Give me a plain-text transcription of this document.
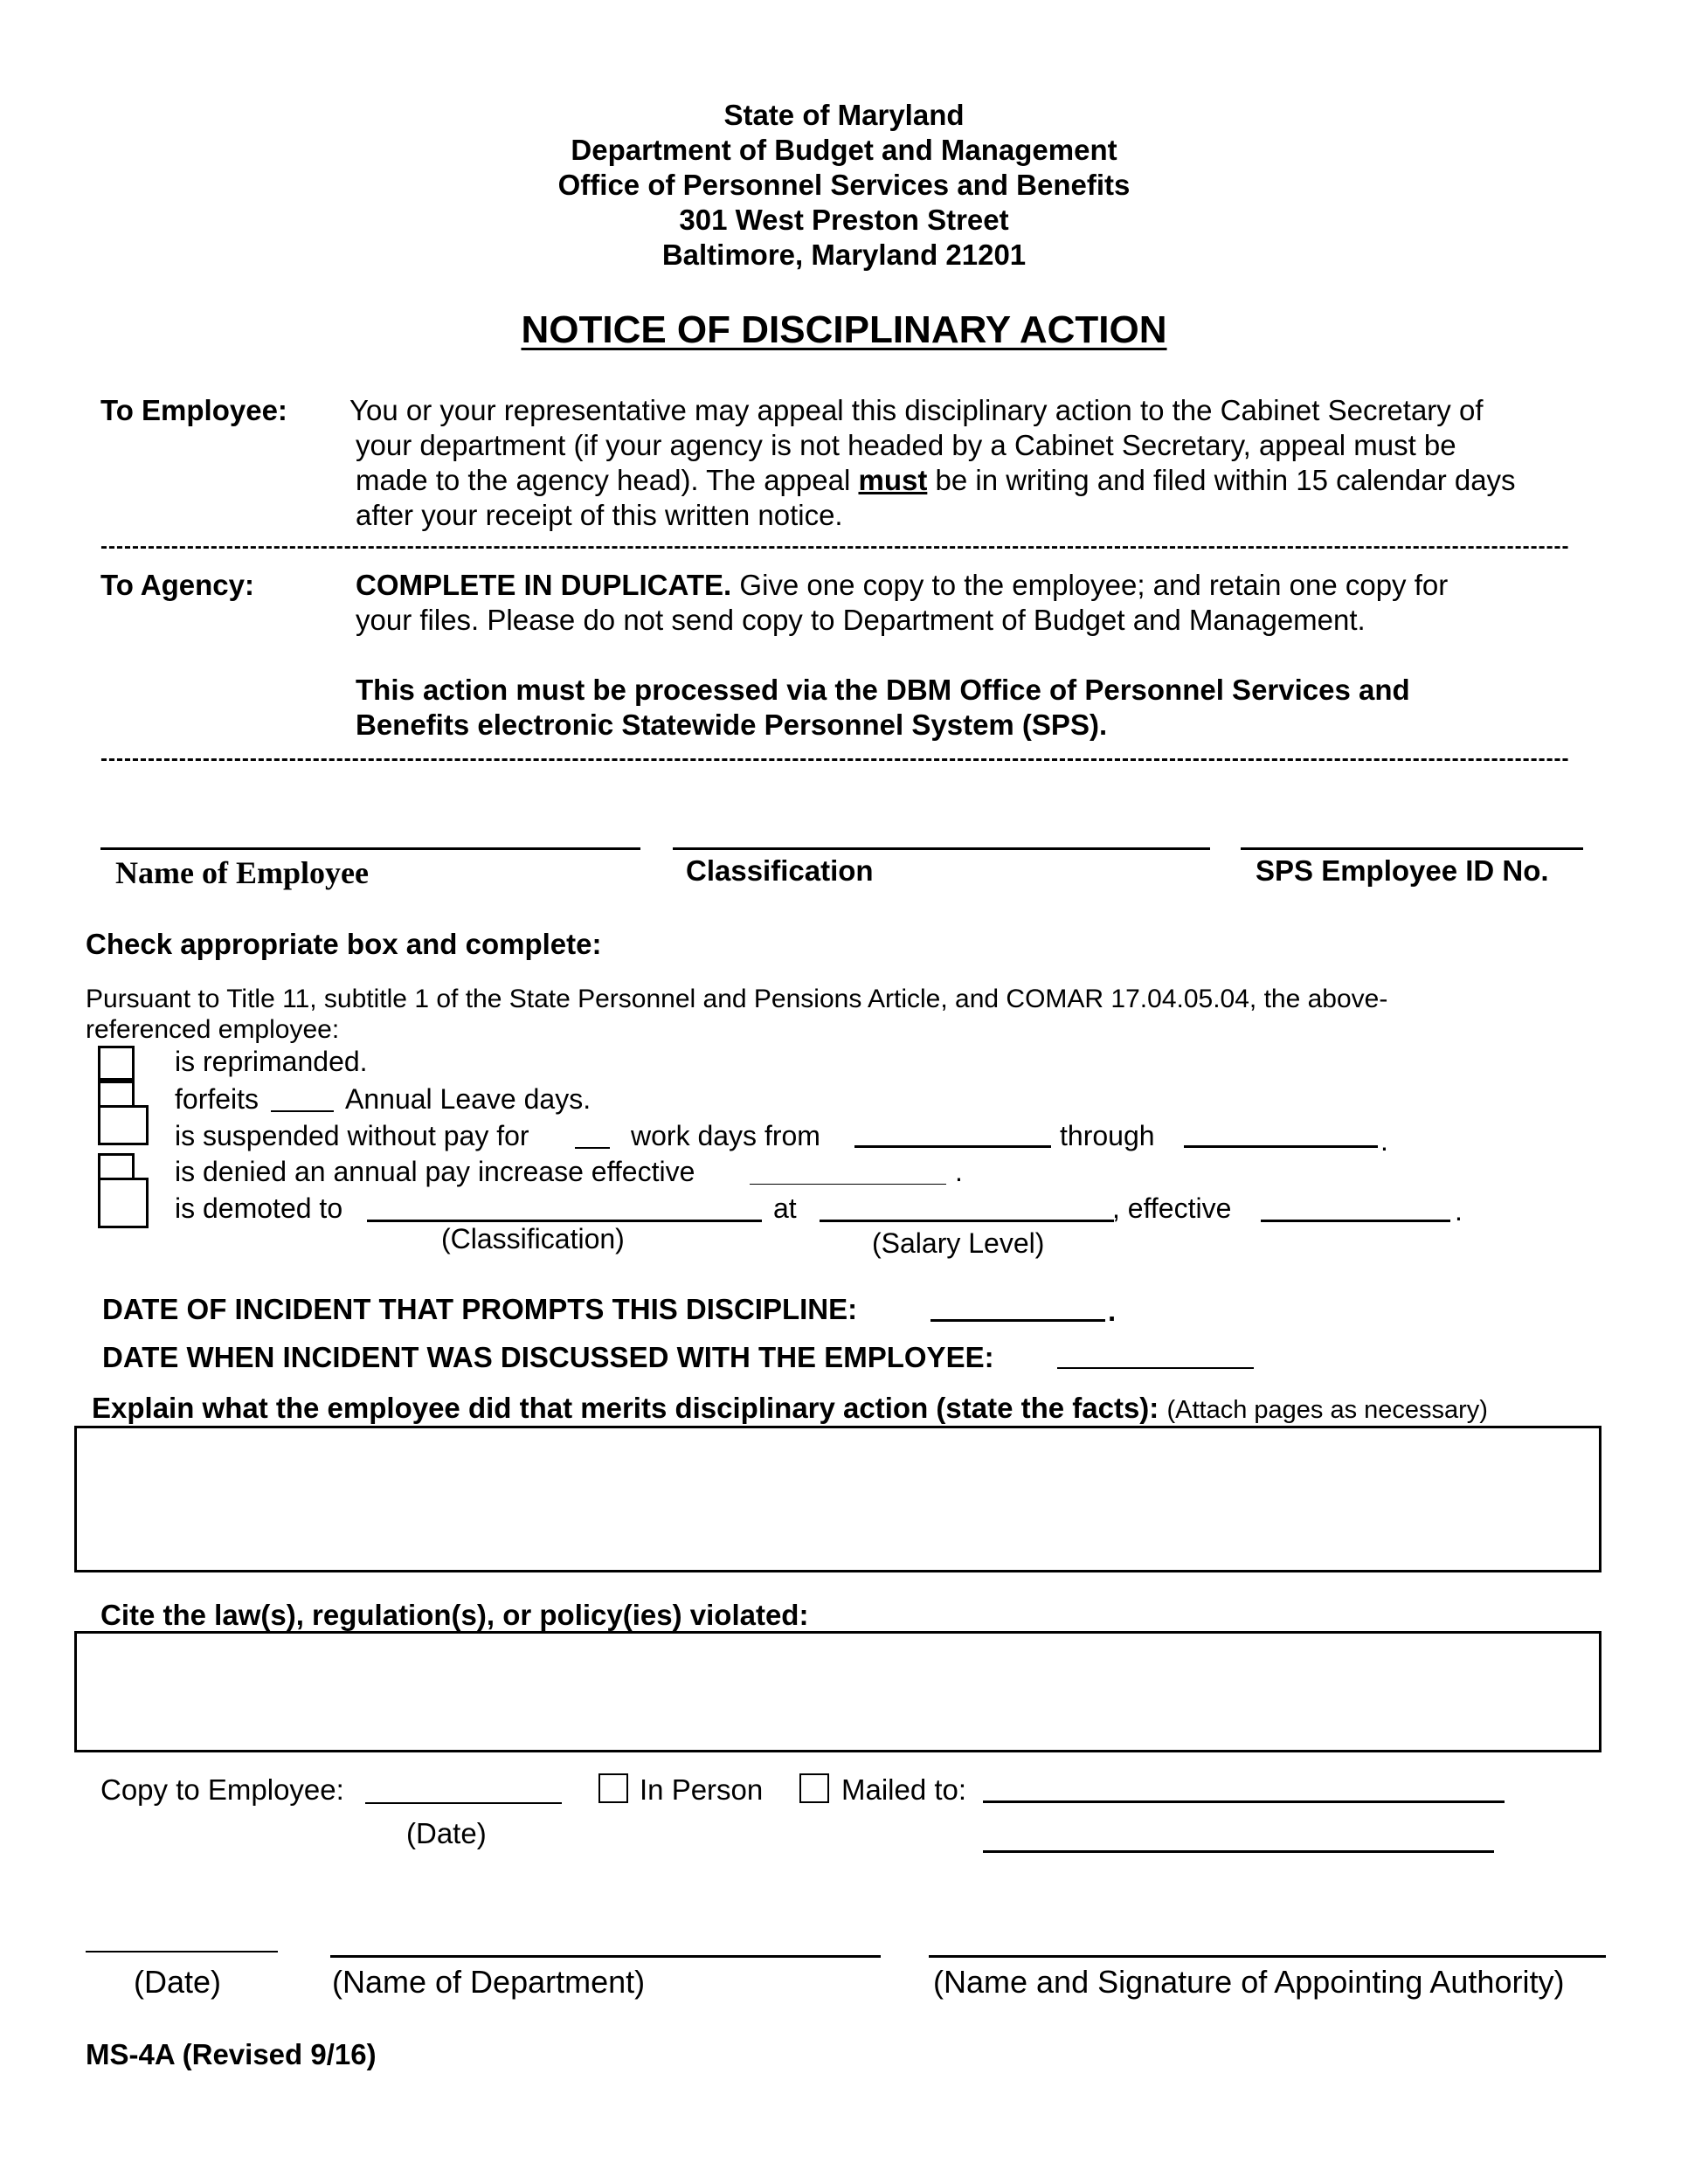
State of Maryland
Department of Budget and Management
Office of Personnel Services and Benefits
301 West Preston Street
Baltimore, Maryland 21201
NOTICE OF DISCIPLINARY ACTION
To Employee: You or your representative may appeal this disciplinary action to the Cabinet Secretary of
your department (if your agency is not headed by a Cabinet Secretary, appeal must be
made to the agency head). The appeal must be in writing and filed within 15 calendar days
after your receipt of this written notice.
-------------------------------------------------------------------------------------------------------------------------------------------------------------------------------------------
To Agency:	COMPLETE IN DUPLICATE. Give one copy to the employee; and retain one copy for
your files. Please do not send copy to Department of Budget and Management.
This action must be processed via the DBM Office of Personnel Services and
Benefits electronic Statewide Personnel System (SPS).
-------------------------------------------------------------------------------------------------------------------------------------------------------------------------------------------
Name of Employee	Classification	SPS Employee ID No.
Check appropriate box and complete:
Pursuant to Title 11, subtitle 1 of the State Personnel and Pensions Article, and COMAR 17.04.05.04, the above-
referenced employee:
is reprimanded.
forfeits	Annual Leave days.
is suspended without pay for	work days from	through	.
is denied an annual pay increase effective	.
is demoted to	at	, effective	.
(Classification)	(Salary Level)
DATE OF INCIDENT THAT PROMPTS THIS DISCIPLINE:	.
DATE WHEN INCIDENT WAS DISCUSSED WITH THE EMPLOYEE:
Explain what the employee did that merits disciplinary action (state the facts): (Attach pages as necessary)
Cite the law(s), regulation(s), or policy(ies) violated:
Copy to Employee:	In Person	Mailed to:
(Date)
(Date)	(Name of Department)	(Name and Signature of Appointing Authority)
MS-4A (Revised 9/16)
